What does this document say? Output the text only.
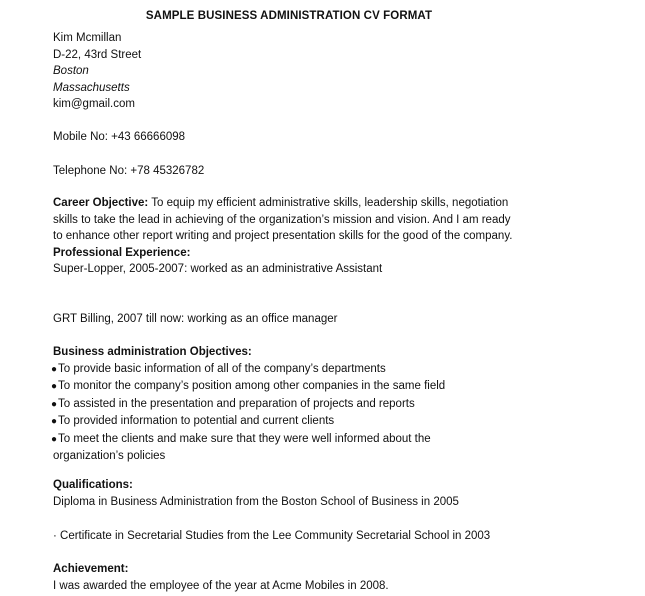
SAMPLE BUSINESS ADMINISTRATION CV FORMAT
Kim Mcmillan
D-22, 43rd Street
Boston
Massachusetts
kim@gmail.com
Mobile No: +43 66666098
Telephone No: +78 45326782
Career Objective: To equip my efficient administrative skills, leadership skills, negotiation skills to take the lead in achieving of the organization’s mission and vision. And I am ready to enhance other report writing and project presentation skills for the good of the company.
Professional Experience:
Super-Lopper, 2005-2007: worked as an administrative Assistant
GRT Billing, 2007 till now: working as an office manager
Business administration Objectives:
●To provide basic information of all of the company’s departments
●To monitor the company’s position among other companies in the same field
●To assisted in the presentation and preparation of projects and reports
●To provided information to potential and current clients
●To meet the clients and make sure that they were well informed about the
organization’s policies
Qualifications:
Diploma in Business Administration from the Boston School of Business in 2005
· Certificate in Secretarial Studies from the Lee Community Secretarial School in 2003
Achievement:
I was awarded the employee of the year at Acme Mobiles in 2008.
